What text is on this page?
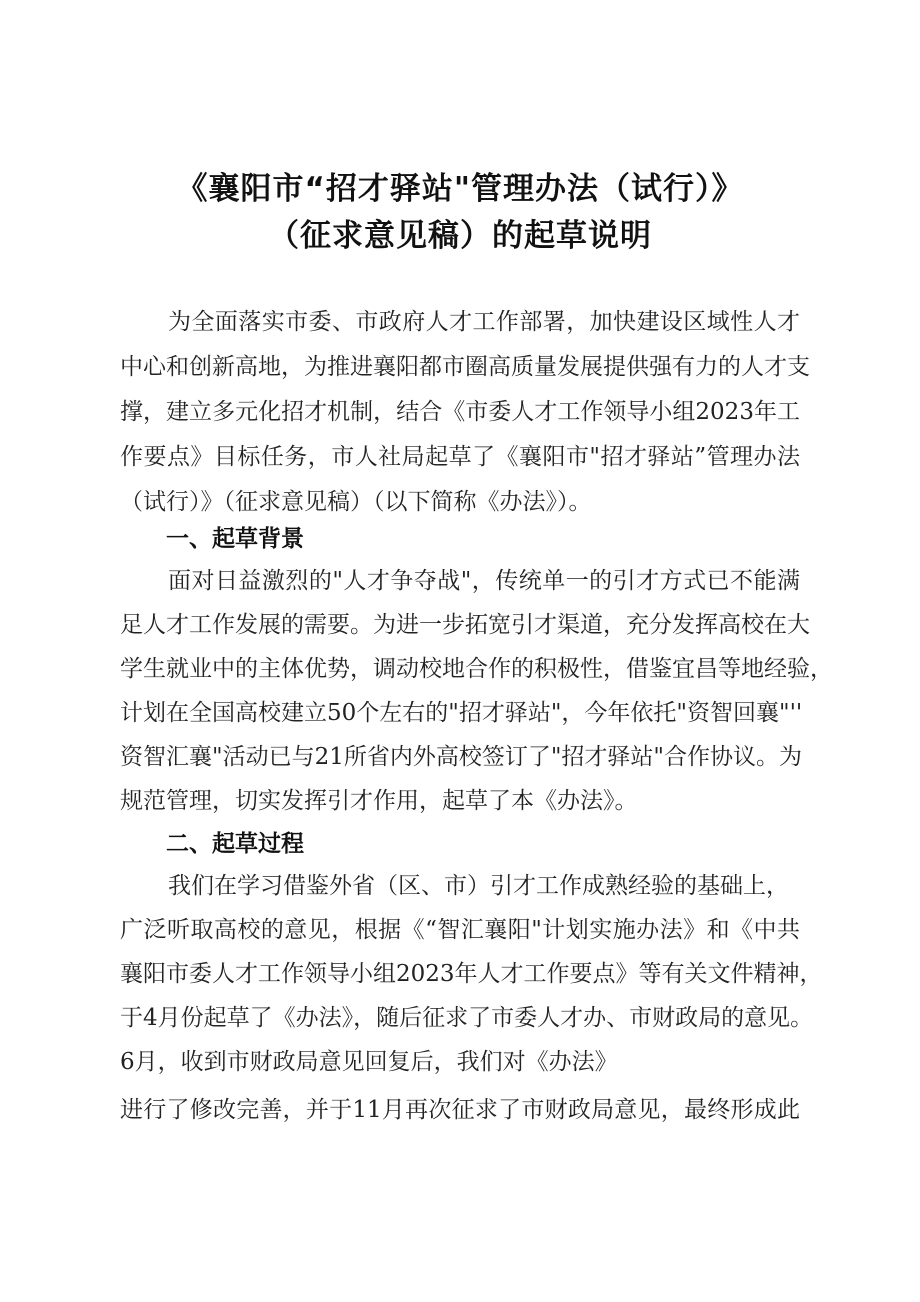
《襄阳市“招才驿站"管理办法（试行）》
（征求意见稿）的起草说明
为全面落实市委、市政府人才工作部署，加快建设区域性人才
中心和创新高地，为推进襄阳都市圈高质量发展提供强有力的人才支
撑，建立多元化招才机制，结合《市委人才工作领导小组2023年工
作要点》目标任务，市人社局起草了《襄阳市"招才驿站”管理办法
（试行）》（征求意见稿）（以下简称《办法》）。
一、起草背景
面对日益激烈的"人才争夺战"，传统单一的引才方式已不能满
足人才工作发展的需要。为进一步拓宽引才渠道，充分发挥高校在大
学生就业中的主体优势，调动校地合作的积极性，借鉴宜昌等地经验，
计划在全国高校建立50个左右的"招才驿站"，今年依托"资智回襄"''
资智汇襄"活动已与21所省内外高校签订了"招才驿站"合作协议。为
规范管理，切实发挥引才作用，起草了本《办法》。
二、起草过程
我们在学习借鉴外省（区、市）引才工作成熟经验的基础上，
广泛听取高校的意见，根据《“智汇襄阳"计划实施办法》和《中共
襄阳市委人才工作领导小组2023年人才工作要点》等有关文件精神，
于4月份起草了《办法》，随后征求了市委人才办、市财政局的意见。
6月，收到市财政局意见回复后，我们对《办法》
进行了修改完善，并于11月再次征求了市财政局意见，最终形成此
